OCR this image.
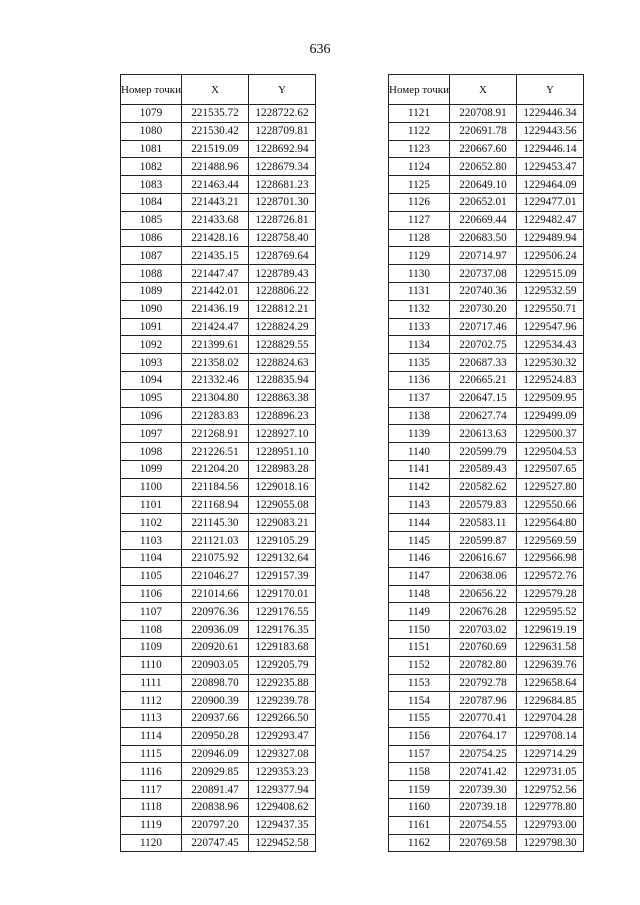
636
Номер точки	X	Y
1079	221535.72	1228722.62
1080	221530.42	1228709.81
1081	221519.09	1228692.94
1082	221488.96	1228679.34
1083	221463.44	1228681.23
1084	221443.21	1228701.30
1085	221433.68	1228726.81
1086	221428.16	1228758.40
1087	221435.15	1228769.64
1088	221447.47	1228789.43
1089	221442.01	1228806.22
1090	221436.19	1228812.21
1091	221424.47	1228824.29
1092	221399.61	1228829.55
1093	221358.02	1228824.63
1094	221332.46	1228835.94
1095	221304.80	1228863.38
1096	221283.83	1228896.23
1097	221268.91	1228927.10
1098	221226.51	1228951.10
1099	221204.20	1228983.28
1100	221184.56	1229018.16
1101	221168.94	1229055.08
1102	221145.30	1229083.21
1103	221121.03	1229105.29
1104	221075.92	1229132.64
1105	221046.27	1229157.39
1106	221014.66	1229170.01
1107	220976.36	1229176.55
1108	220936.09	1229176.35
1109	220920.61	1229183.68
1110	220903.05	1229205.79
1111	220898.70	1229235.88
1112	220900.39	1229239.78
1113	220937.66	1229266.50
1114	220950.28	1229293.47
1115	220946.09	1229327.08
1116	220929.85	1229353.23
1117	220891.47	1229377.94
1118	220838.96	1229408.62
1119	220797.20	1229437.35
1120	220747.45	1229452.58
Номер точки	X	Y
1121	220708.91	1229446.34
1122	220691.78	1229443.56
1123	220667.60	1229446.14
1124	220652.80	1229453.47
1125	220649.10	1229464.09
1126	220652.01	1229477.01
1127	220669.44	1229482.47
1128	220683.50	1229489.94
1129	220714.97	1229506.24
1130	220737.08	1229515.09
1131	220740.36	1229532.59
1132	220730.20	1229550.71
1133	220717.46	1229547.96
1134	220702.75	1229534.43
1135	220687.33	1229530.32
1136	220665.21	1229524.83
1137	220647.15	1229509.95
1138	220627.74	1229499.09
1139	220613.63	1229500.37
1140	220599.79	1229504.53
1141	220589.43	1229507.65
1142	220582.62	1229527.80
1143	220579.83	1229550.66
1144	220583.11	1229564.80
1145	220599.87	1229569.59
1146	220616.67	1229566.98
1147	220638.06	1229572.76
1148	220656.22	1229579.28
1149	220676.28	1229595.52
1150	220703.02	1229619.19
1151	220760.69	1229631.58
1152	220782.80	1229639.76
1153	220792.78	1229658.64
1154	220787.96	1229684.85
1155	220770.41	1229704.28
1156	220764.17	1229708.14
1157	220754.25	1229714.29
1158	220741.42	1229731.05
1159	220739.30	1229752.56
1160	220739.18	1229778.80
1161	220754.55	1229793.00
1162	220769.58	1229798.30
